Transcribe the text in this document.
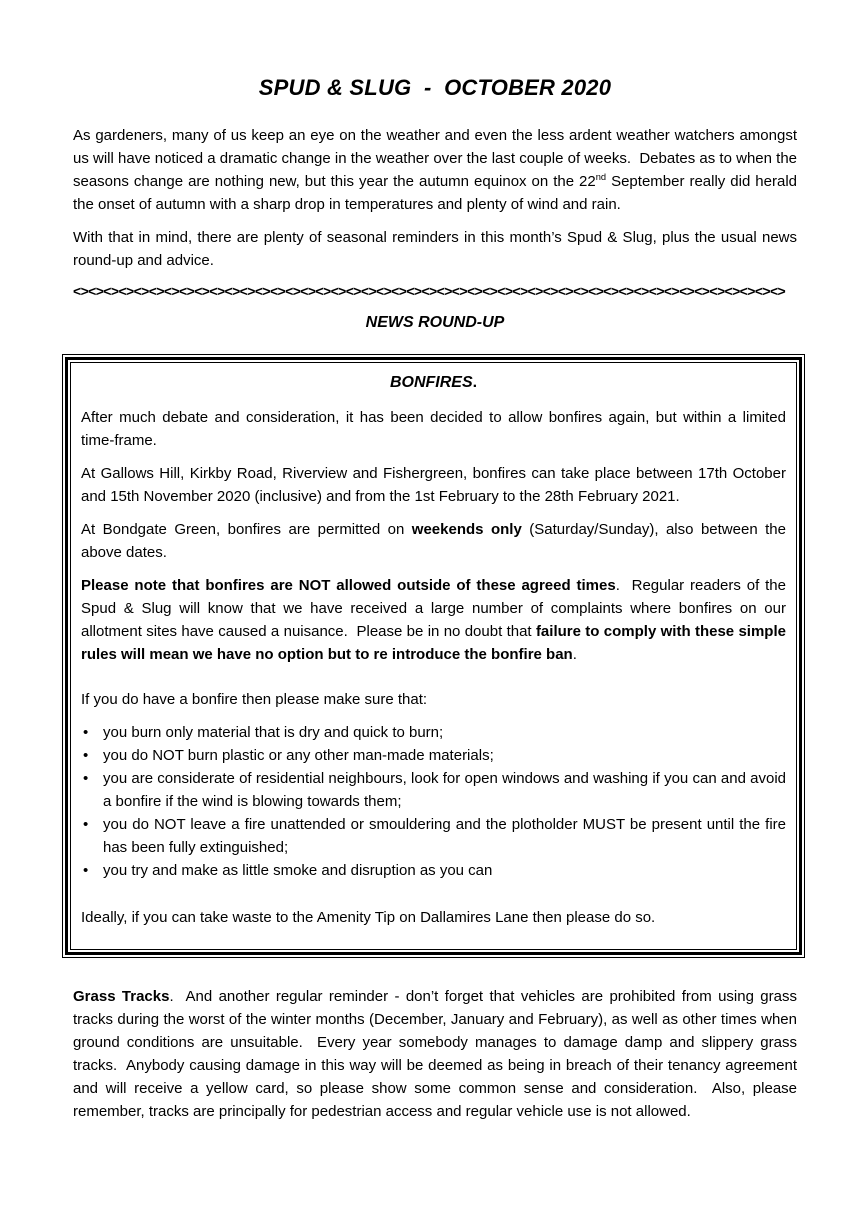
SPUD & SLUG  -  OCTOBER 2020

As gardeners, many of us keep an eye on the weather and even the less ardent weather watchers amongst us will have noticed a dramatic change in the weather over the last couple of weeks.  Debates as to when the seasons change are nothing new, but this year the autumn equinox on the 22nd September really did herald the onset of autumn with a sharp drop in temperatures and plenty of wind and rain.

With that in mind, there are plenty of seasonal reminders in this month’s Spud & Slug, plus the usual news round-up and advice.

<><><><><><><><><><><><><><><><><><><><><><><><><><><><><><><><><><><><><><><><><><><><><><><>
NEWS ROUND-UP
BONFIRES.

After much debate and consideration, it has been decided to allow bonfires again, but within a limited time-frame.

At Gallows Hill, Kirkby Road, Riverview and Fishergreen, bonfires can take place between 17th October and 15th November 2020 (inclusive) and from the 1st February to the 28th February 2021.

At Bondgate Green, bonfires are permitted on weekends only (Saturday/Sunday), also between the above dates.

Please note that bonfires are NOT allowed outside of these agreed times.  Regular readers of the Spud & Slug will know that we have received a large number of complaints where bonfires on our allotment sites have caused a nuisance.  Please be in no doubt that failure to comply with these simple rules will mean we have no option but to re introduce the bonfire ban.

If you do have a bonfire then please make sure that:

• you burn only material that is dry and quick to burn;
• you do NOT burn plastic or any other man-made materials;
• you are considerate of residential neighbours, look for open windows and washing if you can and avoid a bonfire if the wind is blowing towards them;
• you do NOT leave a fire unattended or smouldering and the plotholder MUST be present until the fire has been fully extinguished;
• you try and make as little smoke and disruption as you can

Ideally, if you can take waste to the Amenity Tip on Dallamires Lane then please do so.

Grass Tracks.  And another regular reminder - don’t forget that vehicles are prohibited from using grass tracks during the worst of the winter months (December, January and February), as well as other times when ground conditions are unsuitable.  Every year somebody manages to damage damp and slippery grass tracks.  Anybody causing damage in this way will be deemed as being in breach of their tenancy agreement and will receive a yellow card, so please show some common sense and consideration.  Also, please remember, tracks are principally for pedestrian access and regular vehicle use is not allowed.
